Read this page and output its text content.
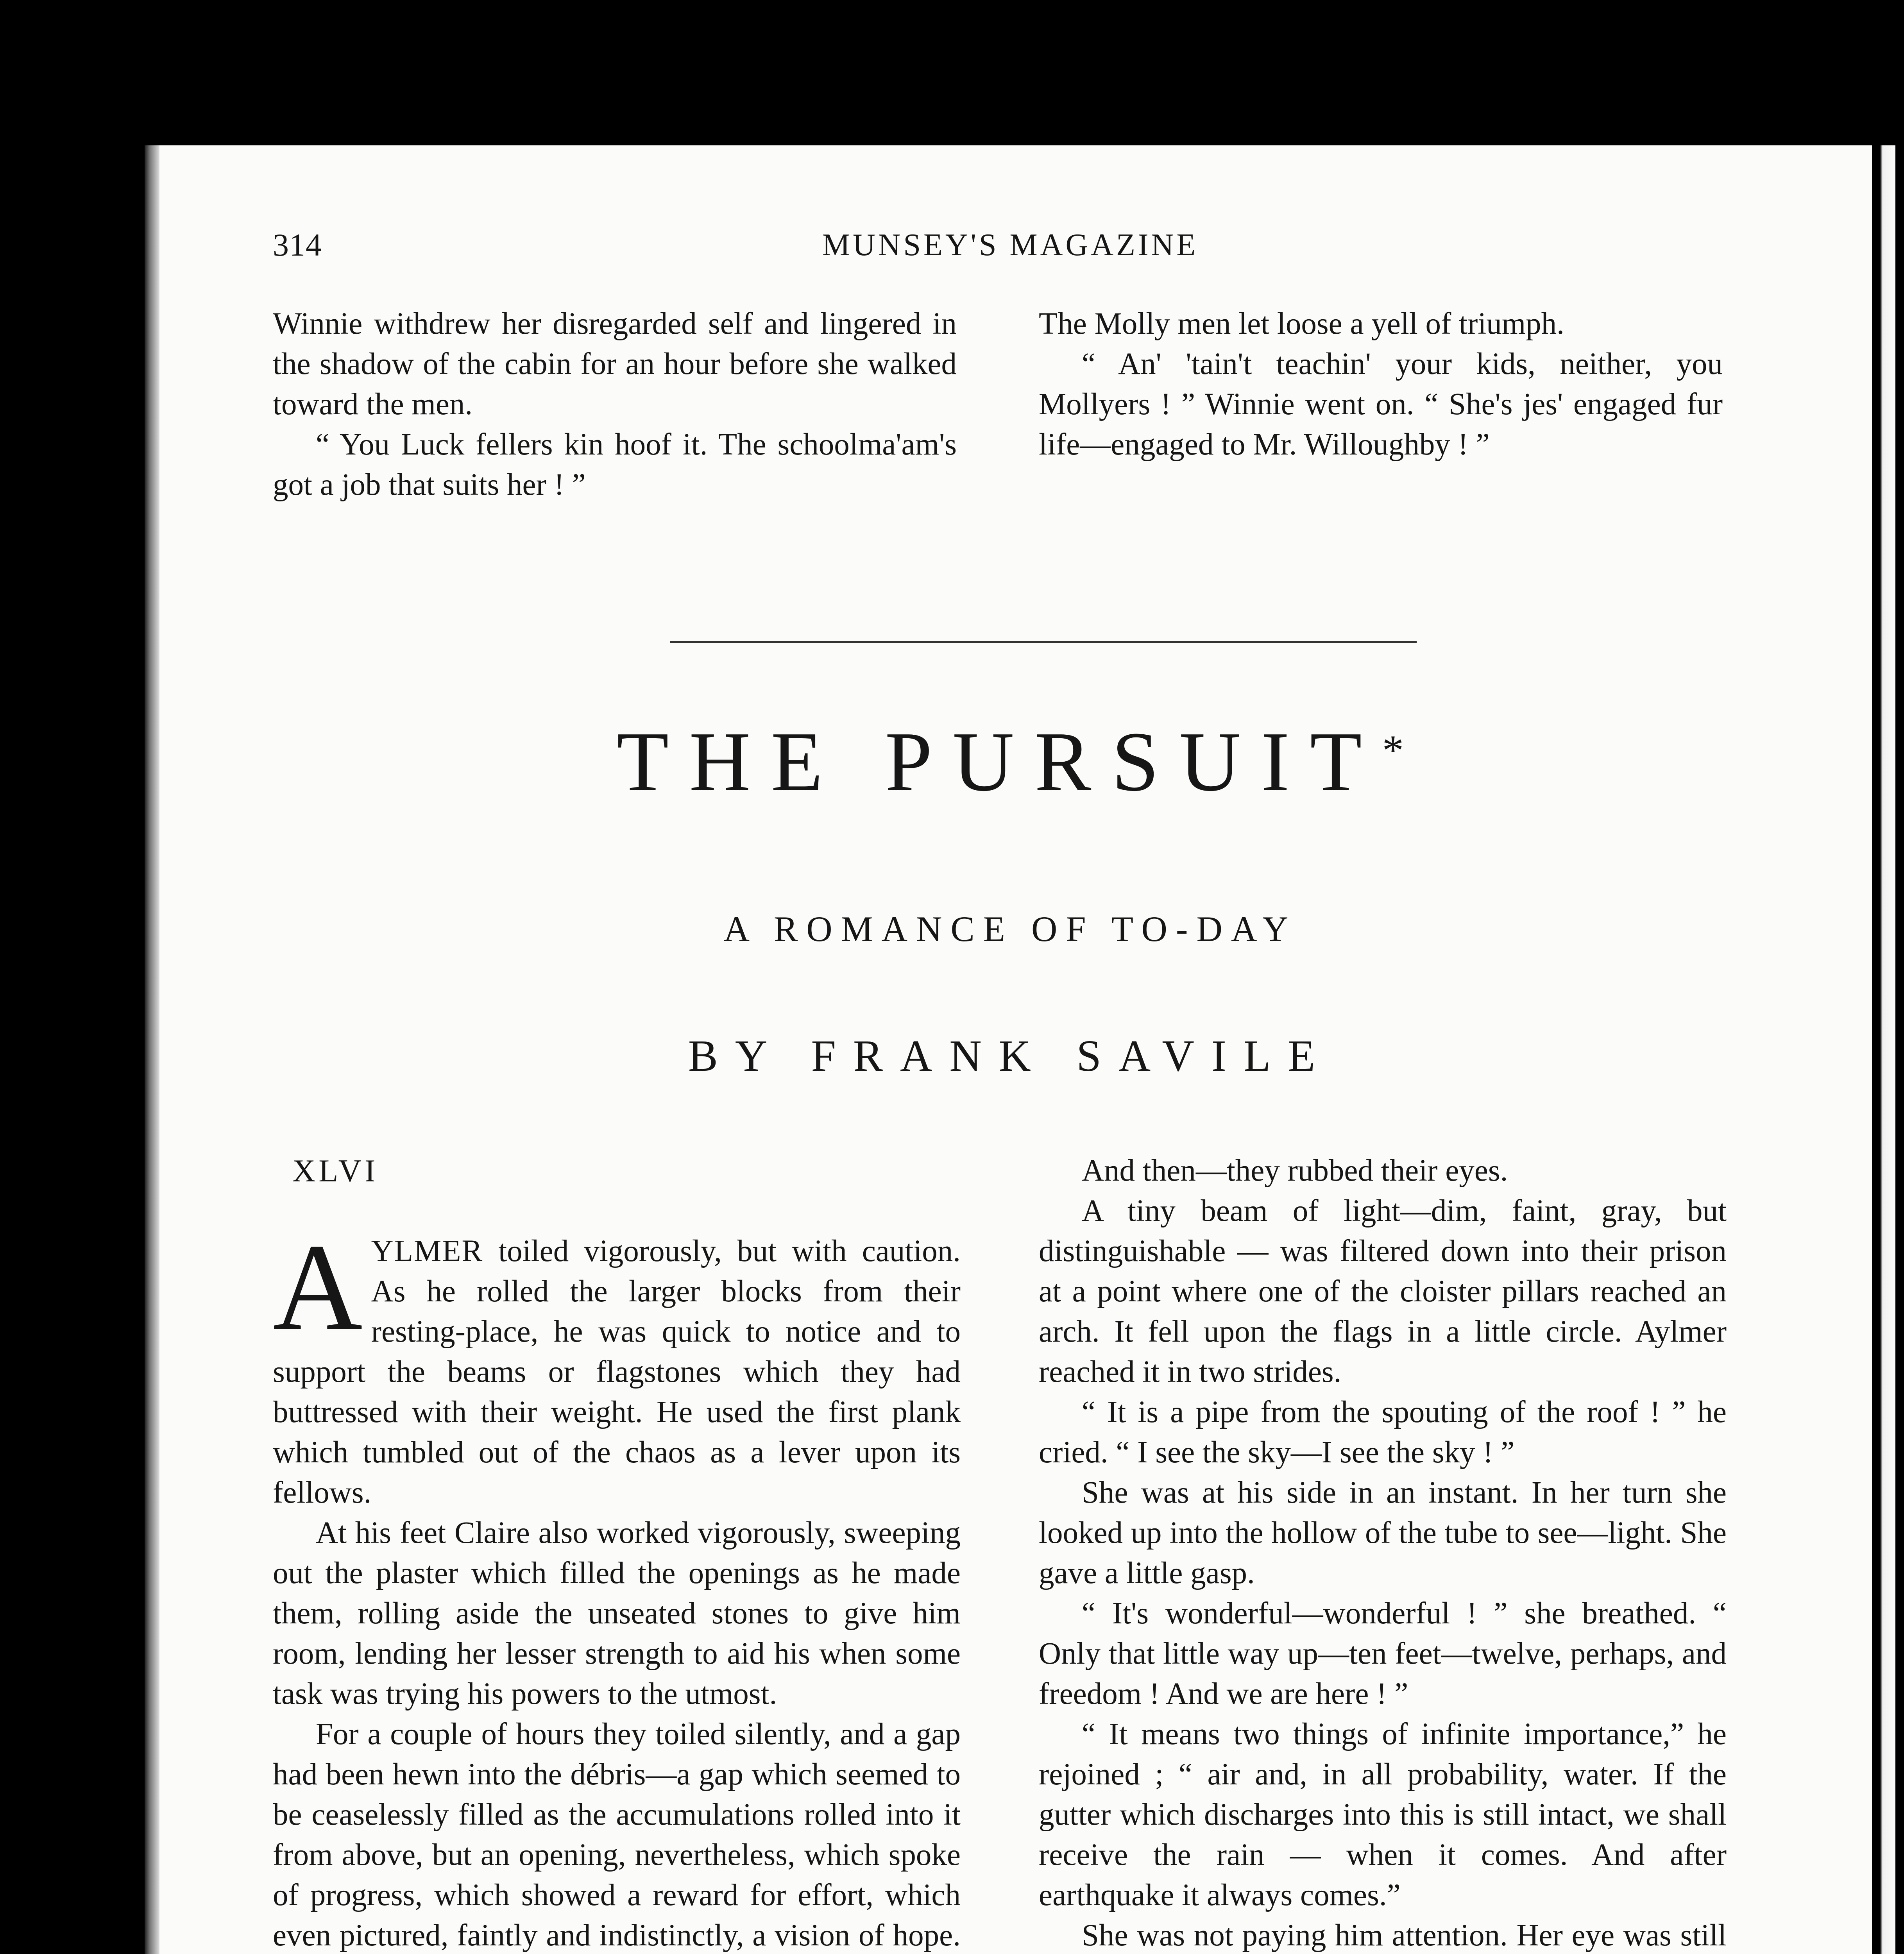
314	MUNSEY'S MAGAZINE

Winnie withdrew her disregarded self and lingered in the shadow of the cabin for an hour before she walked toward the men.

“ You Luck fellers kin hoof it. The schoolma'am's got a job that suits her ! ”

The Molly men let loose a yell of triumph.

“ An' 'tain't teachin' your kids, neither, you Mollyers ! ” Winnie went on. “ She's jes' engaged fur life—engaged to Mr. Willoughby ! ”

THE PURSUIT*
A ROMANCE OF TO-DAY
BY FRANK SAVILE
XLVI

AYLMER toiled vigorously, but with caution. As he rolled the larger blocks from their resting-place, he was quick to notice and to support the beams or flagstones which they had buttressed with their weight. He used the first plank which tumbled out of the chaos as a lever upon its fellows.

At his feet Claire also worked vigorously, sweeping out the plaster which filled the openings as he made them, rolling aside the unseated stones to give him room, lending her lesser strength to aid his when some task was trying his powers to the utmost.

For a couple of hours they toiled silently, and a gap had been hewn into the débris—a gap which seemed to be ceaselessly filled as the accumulations rolled into it from above, but an opening, nevertheless, which spoke of progress, which showed a reward for effort, which even pictured, faintly and indistinctly, a vision of hope.

And then—they rubbed their eyes.

A tiny beam of light—dim, faint, gray, but distinguishable — was filtered down into their prison at a point where one of the cloister pillars reached an arch. It fell upon the flags in a little circle. Aylmer reached it in two strides.

“ It is a pipe from the spouting of the roof ! ” he cried. “ I see the sky—I see the sky ! ”

She was at his side in an instant. In her turn she looked up into the hollow of the tube to see—light. She gave a little gasp.

“ It's wonderful—wonderful ! ” she breathed. “ Only that little way up—ten feet—twelve, perhaps, and freedom ! And we are here ! ”

“ It means two things of infinite importance,” he rejoined ; “ air and, in all probability, water. If the gutter which discharges into this is still intact, we shall receive the rain — when it comes. And after earthquake it always comes.”

She was not paying him attention. Her eye was still
